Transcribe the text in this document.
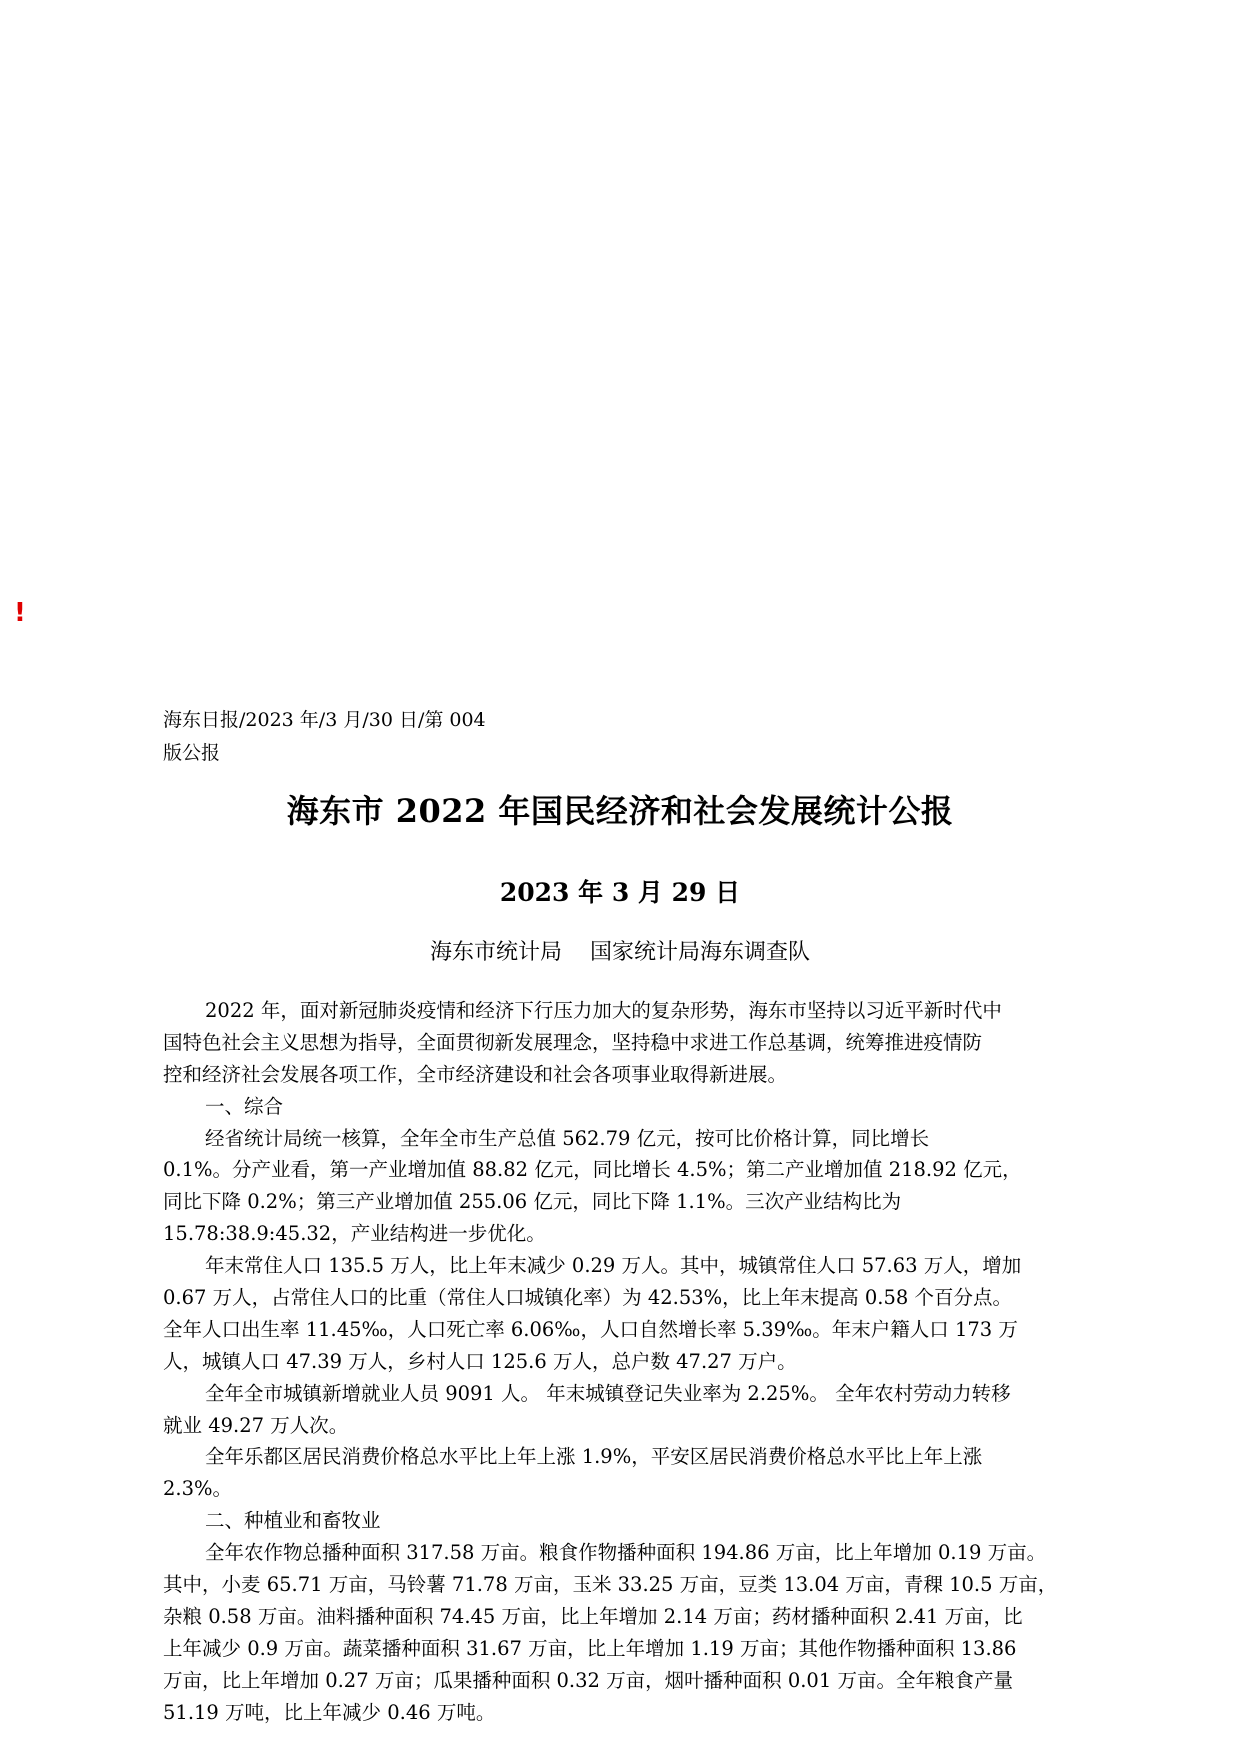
!
海东日报/2023 年/3 月/30 日/第 004
版公报
海东市 2022 年国民经济和社会发展统计公报
2023 年 3 月 29 日
海东市统计局    国家统计局海东调查队
2022 年，面对新冠肺炎疫情和经济下行压力加大的复杂形势，海东市坚持以习近平新时代中
国特色社会主义思想为指导，全面贯彻新发展理念，坚持稳中求进工作总基调，统筹推进疫情防
控和经济社会发展各项工作，全市经济建设和社会各项事业取得新进展。
一、综合
经省统计局统一核算，全年全市生产总值 562.79 亿元，按可比价格计算，同比增长
0.1%。分产业看，第一产业增加值 88.82 亿元，同比增长 4.5%；第二产业增加值 218.92 亿元，
同比下降 0.2%；第三产业增加值 255.06 亿元，同比下降 1.1%。三次产业结构比为
15.78:38.9:45.32，产业结构进一步优化。
年末常住人口 135.5 万人，比上年末减少 0.29 万人。其中，城镇常住人口 57.63 万人，增加
0.67 万人，占常住人口的比重（常住人口城镇化率）为 42.53%，比上年末提高 0.58 个百分点。
全年人口出生率 11.45‰，人口死亡率 6.06‰，人口自然增长率 5.39‰。年末户籍人口 173 万
人，城镇人口 47.39 万人，乡村人口 125.6 万人，总户数 47.27 万户。
全年全市城镇新增就业人员 9091 人。 年末城镇登记失业率为 2.25%。 全年农村劳动力转移
就业 49.27 万人次。
全年乐都区居民消费价格总水平比上年上涨 1.9%，平安区居民消费价格总水平比上年上涨
2.3%。
二、种植业和畜牧业
全年农作物总播种面积 317.58 万亩。粮食作物播种面积 194.86 万亩，比上年增加 0.19 万亩。
其中，小麦 65.71 万亩，马铃薯 71.78 万亩，玉米 33.25 万亩，豆类 13.04 万亩，青稞 10.5 万亩，
杂粮 0.58 万亩。油料播种面积 74.45 万亩，比上年增加 2.14 万亩；药材播种面积 2.41 万亩，比
上年减少 0.9 万亩。蔬菜播种面积 31.67 万亩，比上年增加 1.19 万亩；其他作物播种面积 13.86
万亩，比上年增加 0.27 万亩；瓜果播种面积 0.32 万亩，烟叶播种面积 0.01 万亩。全年粮食产量
51.19 万吨，比上年减少 0.46 万吨。
